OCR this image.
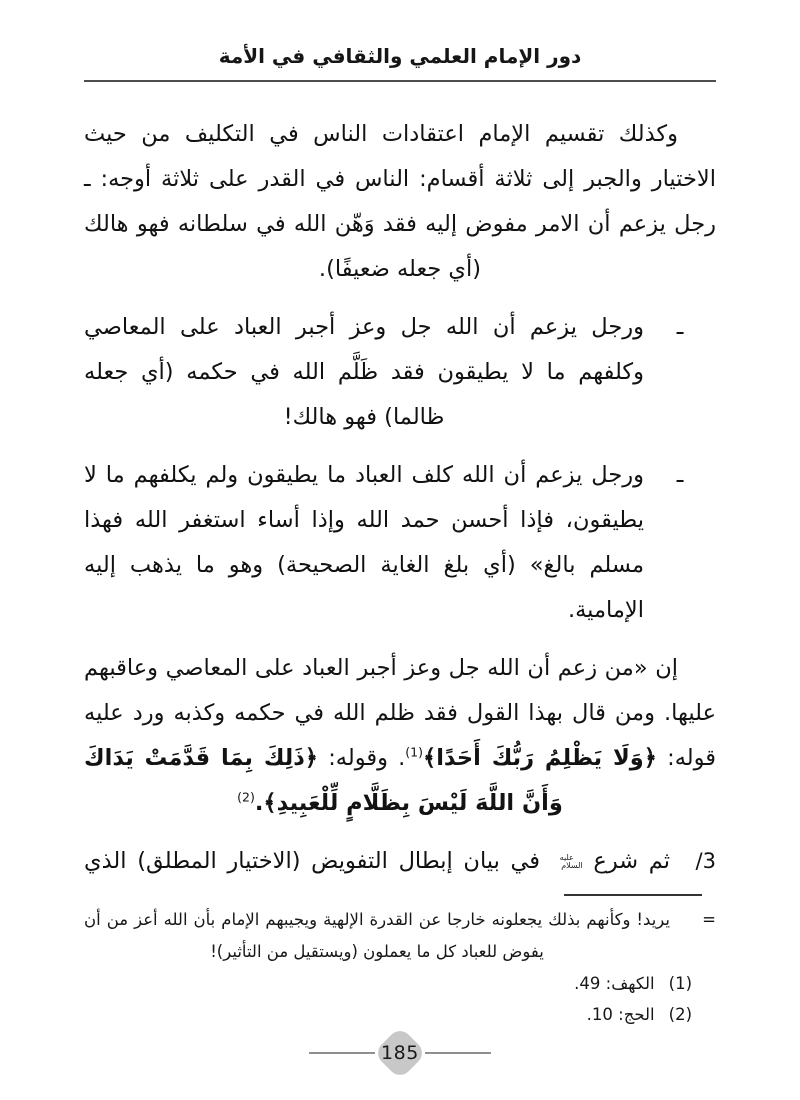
دور الإمام العلمي والثقافي في الأمة

وكذلك تقسيم الإمام اعتقادات الناس في التكليف من حيث الاختيار والجبر إلى ثلاثة أقسام: الناس في القدر على ثلاثة أوجه: ـ رجل يزعم أن الامر مفوض إليه فقد وَهّن الله في سلطانه فهو هالك (أي جعله ضعيفًا).

ـ
ورجل يزعم أن الله جل وعز أجبر العباد على المعاصي وكلفهم ما لا يطيقون فقد ظَلَّم الله في حكمه (أي جعله ظالما) فهو هالك!
ـ
ورجل يزعم أن الله كلف العباد ما يطيقون ولم يكلفهم ما لا يطيقون، فإذا أحسن حمد الله وإذا أساء استغفر الله فهذا مسلم بالغ» (أي بلغ الغاية الصحيحة) وهو ما يذهب إليه الإمامية.

إن «من زعم أن الله جل وعز أجبر العباد على المعاصي وعاقبهم عليها. ومن قال بهذا القول فقد ظلم الله في حكمه وكذبه ورد عليه قوله: ﴿وَلَا يَظْلِمُ رَبُّكَ أَحَدًا﴾$^{(1)}$. وقوله: ﴿ذَلِكَ بِمَا قَدَّمَتْ يَدَاكَ وَأَنَّ اللَّهَ لَيْسَ بِظَلَّامٍ لِّلْعَبِيدِ﴾.$^{(2)}$

3/
ثم شرع عليه السلام في بيان إبطال التفويض (الاختيار المطلق) الذي
=
يريد! وكأنهم بذلك يجعلونه خارجا عن القدرة الإلهية ويجيبهم الإمام بأن الله أعز من أن يفوض للعباد كل ما يعملون (ويستقيل من التأثير)!
(1)الكهف: 49.
(2)الحج: 10.
185
